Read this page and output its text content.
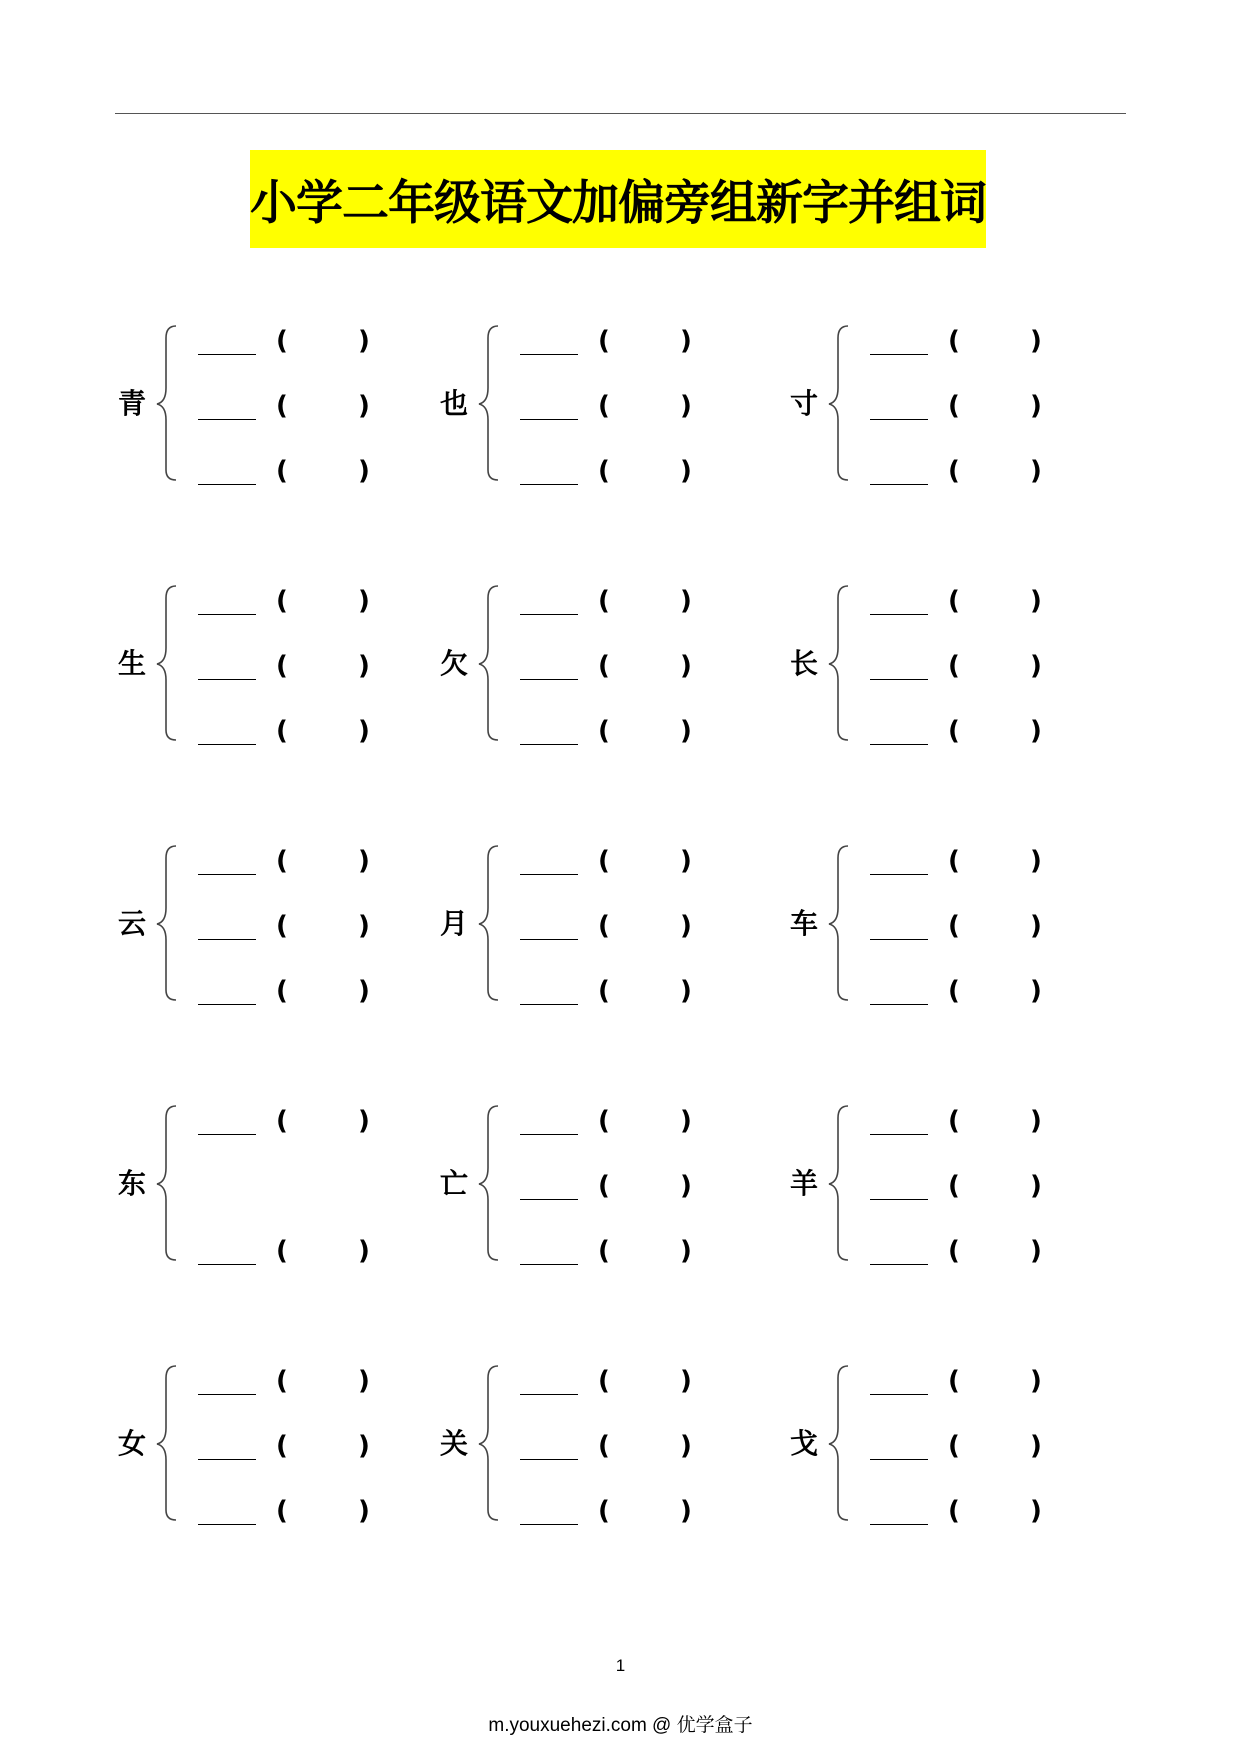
小学二年级语文加偏旁组新字并组词
青
(	)
(	)
(	)
也
(	)
(	)
(	)
寸
(	)
(	)
(	)
生
(	)
(	)
(	)
欠
(	)
(	)
(	)
长
(	)
(	)
(	)
云
(	)
(	)
(	)
月
(	)
(	)
(	)
车
(	)
(	)
(	)
东
(	)
(	)
亡
(	)
(	)
(	)
羊
(	)
(	)
(	)
女
(	)
(	)
(	)
关
(	)
(	)
(	)
戈
(	)
(	)
(	)
1
m.youxuehezi.com @ 优学盒子
